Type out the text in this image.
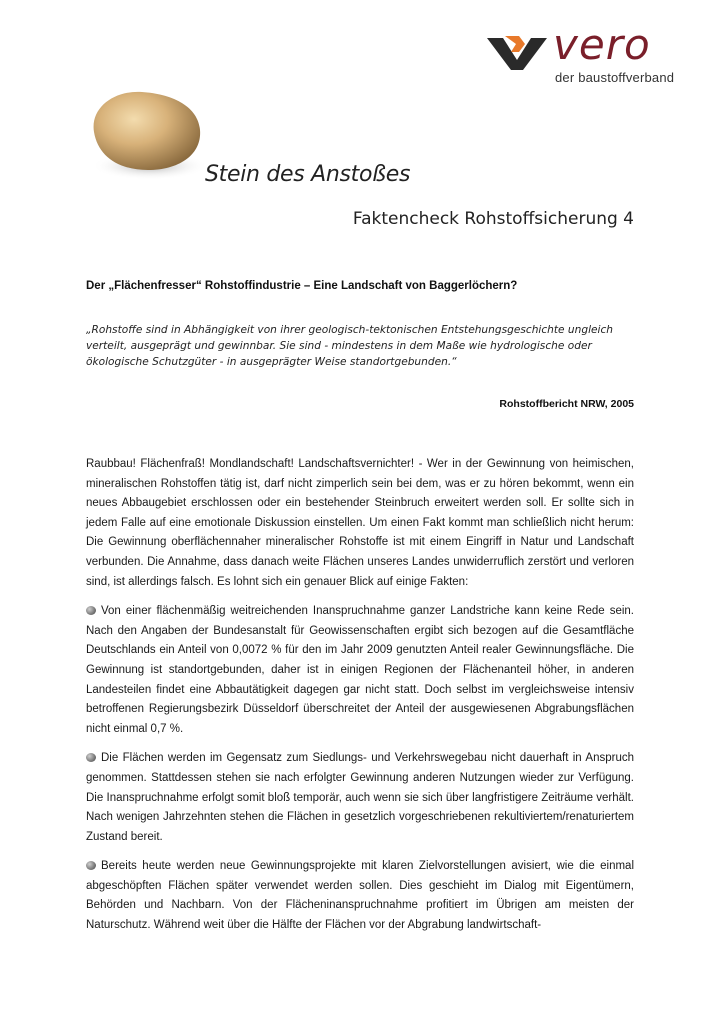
vero
der baustoffverband
Stein des Anstoßes
Faktencheck Rohstoffsicherung 4
Der „Flächenfresser“ Rohstoffindustrie – Eine Landschaft von Baggerlöchern?
„Rohstoffe sind in Abhängigkeit von ihrer geologisch-tektonischen Entstehungsgeschichte ungleich verteilt, ausgeprägt und gewinnbar. Sie sind - mindestens in dem Maße wie hydrologische oder ökologische Schutzgüter - in ausgeprägter Weise standortgebunden.“
Rohstoffbericht NRW, 2005

Raubbau! Flächenfraß! Mondlandschaft! Landschaftsvernichter! - Wer in der Gewinnung von heimischen, mineralischen Rohstoffen tätig ist, darf nicht zimperlich sein bei dem, was er zu hören bekommt, wenn ein neues Abbaugebiet erschlossen oder ein bestehender Steinbruch erweitert werden soll. Er sollte sich in jedem Falle auf eine emotionale Diskussion einstellen. Um einen Fakt kommt man schließlich nicht herum: Die Gewinnung oberflächennaher mineralischer Rohstoffe ist mit einem Eingriff in Natur und Landschaft verbunden. Die Annahme, dass danach weite Flächen unseres Landes unwiderruflich zerstört und verloren sind, ist allerdings falsch. Es lohnt sich ein genauer Blick auf einige Fakten:

Von einer flächenmäßig weitreichenden Inanspruchnahme ganzer Landstriche kann keine Rede sein. Nach den Angaben der Bundesanstalt für Geowissenschaften ergibt sich bezogen auf die Gesamtfläche Deutschlands ein Anteil von 0,0072 % für den im Jahr 2009 genutzten Anteil realer Gewinnungsfläche. Die Gewinnung ist standortgebunden, daher ist in einigen Regionen der Flächenanteil höher, in anderen Landesteilen findet eine Abbautätigkeit dagegen gar nicht statt. Doch selbst im vergleichsweise intensiv betroffenen Regierungsbezirk Düsseldorf überschreitet der Anteil der ausgewiesenen Abgrabungsflächen nicht einmal 0,7 %.

Die Flächen werden im Gegensatz zum Siedlungs- und Verkehrswegebau nicht dauerhaft in Anspruch genommen. Stattdessen stehen sie nach erfolgter Gewinnung anderen Nutzungen wieder zur Verfügung. Die Inanspruchnahme erfolgt somit bloß temporär, auch wenn sie sich über langfristigere Zeiträume verhält. Nach wenigen Jahrzehnten stehen die Flächen in gesetzlich vorgeschriebenen rekultiviertem/renaturiertem Zustand bereit.

Bereits heute werden neue Gewinnungsprojekte mit klaren Zielvorstellungen avisiert, wie die einmal abgeschöpften Flächen später verwendet werden sollen. Dies geschieht im Dialog mit Eigentümern, Behörden und Nachbarn. Von der Flächeninanspruchnahme profitiert im Übrigen am meisten der Naturschutz. Während weit über die Hälfte der Flächen vor der Abgrabung landwirtschaft-
